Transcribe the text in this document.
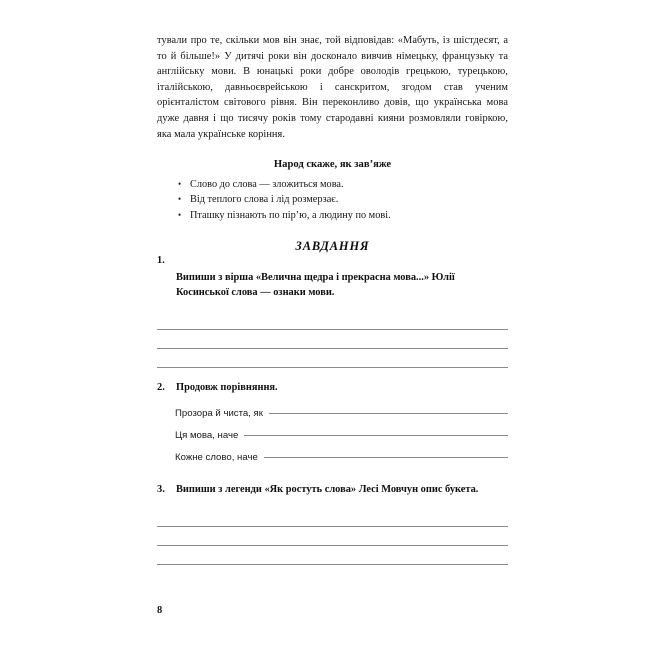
тували про те, скільки мов він знає, той відповідав: «Мабуть, із шістдесят, а то й більше!» У дитячі роки він досконало вивчив німецьку, французьку та англійську мови. В юнацькі роки добре оволодів грецькою, турецькою, італійською, давньоєврейською і санскритом, згодом став ученим орієнталістом світового рівня. Він переконливо довів, що українська мова дуже давня і що тисячу років тому стародавні кияни розмовляли говіркою, яка мала українське коріння.

Народ скаже, як зав’яже
• Слово до слова — зложиться мова.
• Від теплого слова і лід розмерзає.
• Пташку пізнають по пір’ю, а людину по мові.
ЗАВДАННЯ
1.
Випиши з вірша «Велична щедра і прекрасна мова...» Юлії Косинської слова — ознаки мови.
2. Продовж порівняння.
Прозора й чиста, як
Ця мова, наче
Кожне слово, наче
3. Випиши з легенди «Як ростуть слова» Лесі Мовчун опис букета.
8
